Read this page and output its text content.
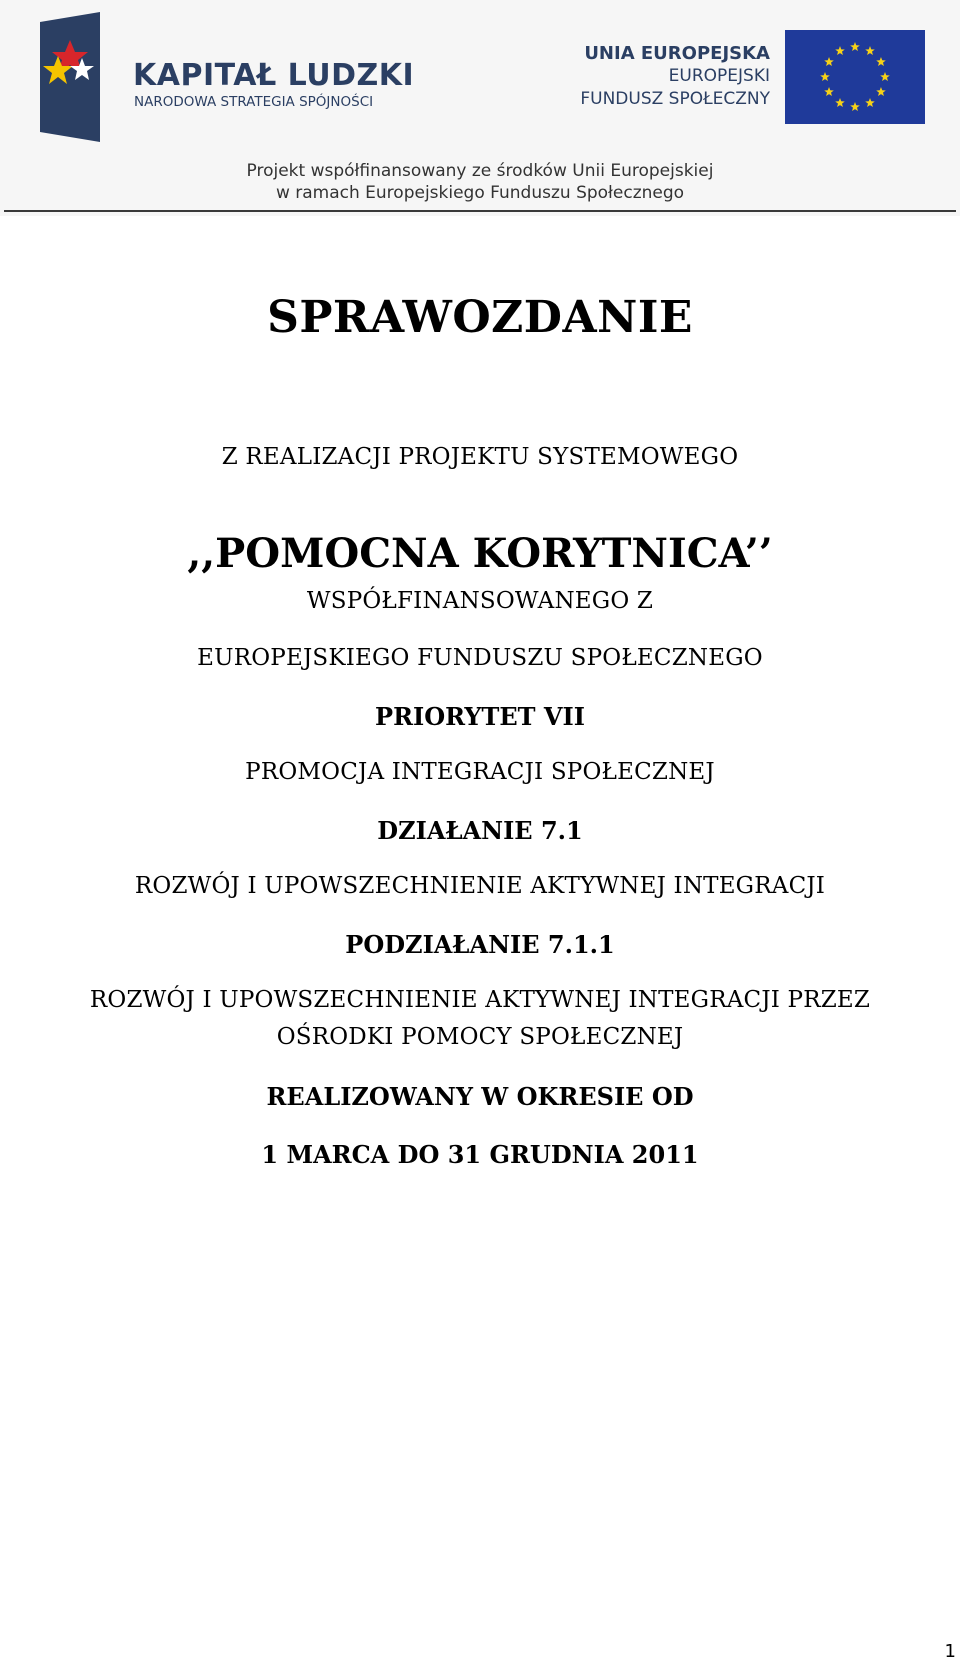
KAPITAŁ LUDZKI
NARODOWA STRATEGIA SPÓJNOŚCI
UNIA EUROPEJSKA
EUROPEJSKI
FUNDUSZ SPOŁECZNY
Projekt współfinansowany ze środków Unii Europejskiej
w ramach Europejskiego Funduszu Społecznego
SPRAWOZDANIE
Z REALIZACJI PROJEKTU SYSTEMOWEGO
,,POMOCNA KORYTNICA’’
WSPÓŁFINANSOWANEGO Z
EUROPEJSKIEGO FUNDUSZU SPOŁECZNEGO
PRIORYTET VII
PROMOCJA INTEGRACJI SPOŁECZNEJ
DZIAŁANIE 7.1
ROZWÓJ I UPOWSZECHNIENIE AKTYWNEJ INTEGRACJI
PODZIAŁANIE 7.1.1
ROZWÓJ I UPOWSZECHNIENIE AKTYWNEJ INTEGRACJI PRZEZ
OŚRODKI POMOCY SPOŁECZNEJ
REALIZOWANY W OKRESIE OD
1 MARCA DO 31 GRUDNIA 2011
1
